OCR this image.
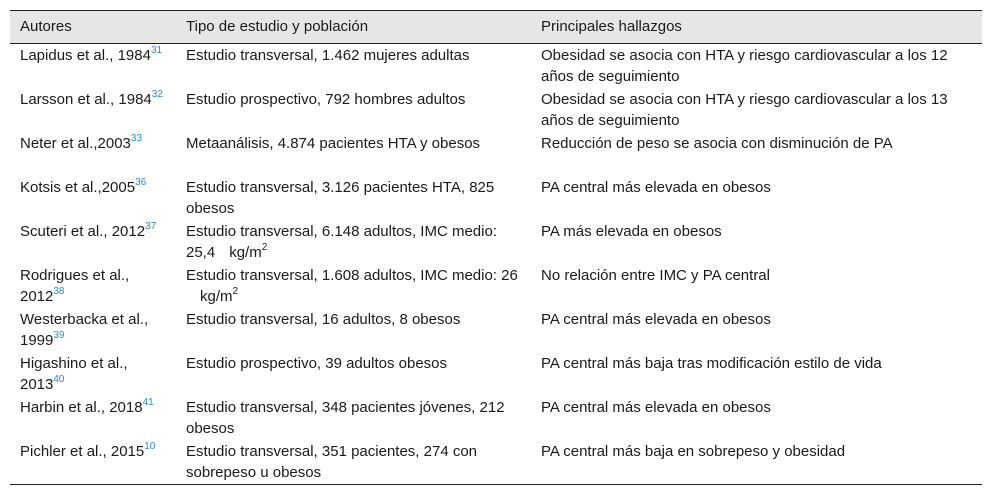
Autores	Tipo de estudio y población	Principales hallazgos
Lapidus et al., 1984$^{31}$	Estudio transversal, 1.462 mujeres adultas	Obesidad se asocia con HTA y riesgo cardiovascular a los 12 años de seguimiento
Larsson et al., 1984$^{32}$	Estudio prospectivo, 792 hombres adultos	Obesidad se asocia con HTA y riesgo cardiovascular a los 13 años de seguimiento
Neter et al.,2003$^{33}$	Metaanálisis, 4.874 pacientes HTA y obesos	Reducción de peso se asocia con disminución de PA
Kotsis et al.,2005$^{36}$	Estudio transversal, 3.126 pacientes HTA, 825 obesos	PA central más elevada en obesos
Scuteri et al., 2012$^{37}$	Estudio transversal, 6.148 adultos, IMC medio: 25,4 $kg/m^2$	PA más elevada en obesos
Rodrigues et al., 2012$^{38}$	Estudio transversal, 1.608 adultos, IMC medio: $26kg/m^2$	No relación entre IMC y PA central
Westerbacka et al., 1999$^{39}$	Estudio transversal, 16 adultos, 8 obesos	PA central más elevada en obesos
Higashino et al., 2013$^{40}$	Estudio prospectivo, 39 adultos obesos	PA central más baja tras modificación estilo de vida
Harbin et al., 2018$^{41}$	Estudio transversal, 348 pacientes jóvenes, 212 obesos	PA central más elevada en obesos
Pichler et al., 2015$^{10}$	Estudio transversal, 351 pacientes, 274 con sobrepeso u obesos	PA central más baja en sobrepeso y obesidad
